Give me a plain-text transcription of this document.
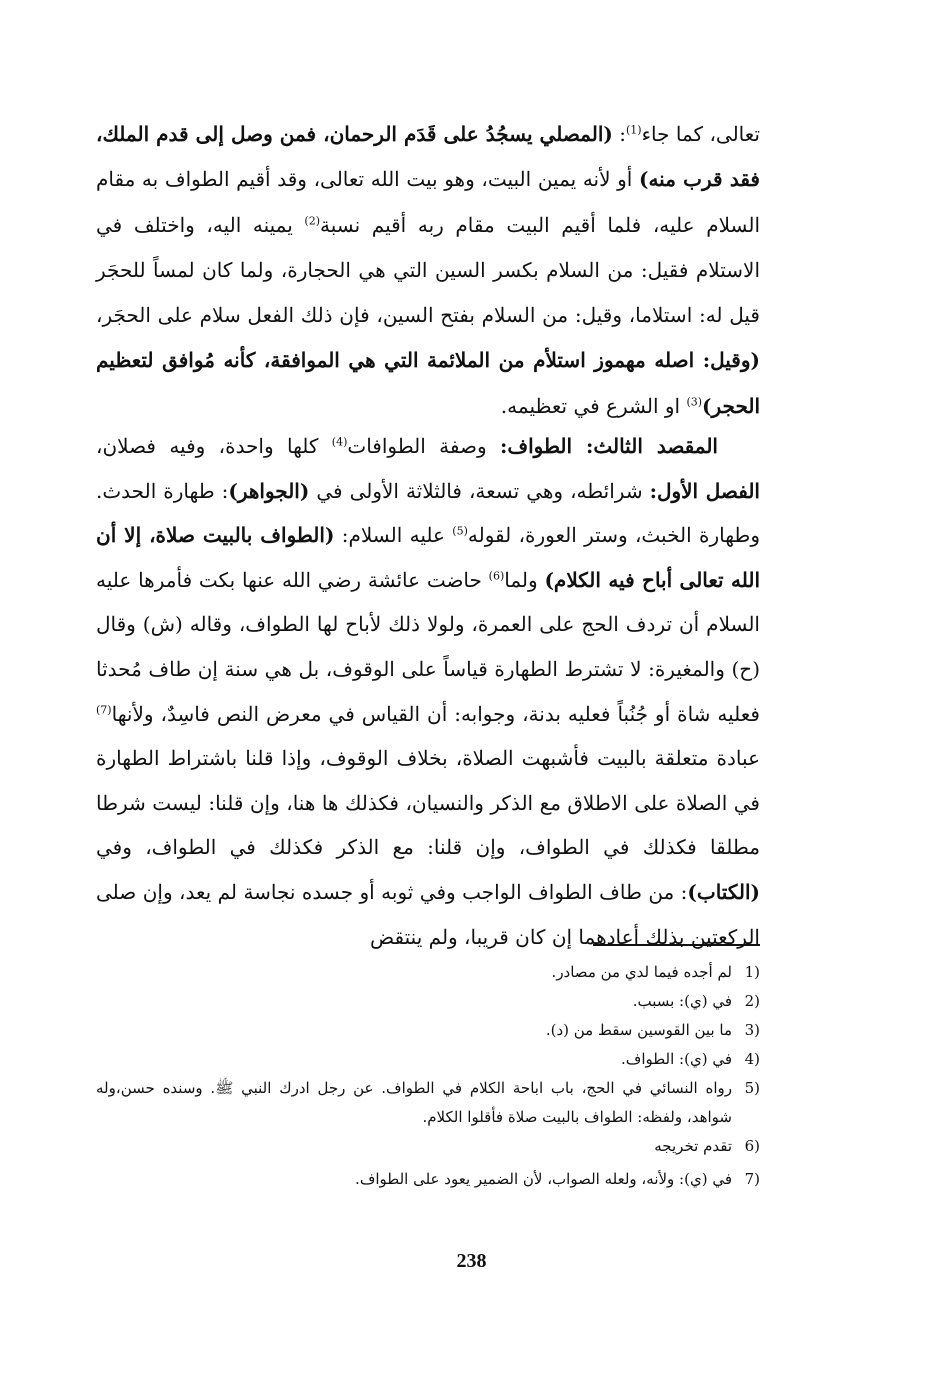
تعالى، كما جاء$^{(1)}$: (المصلي يسجُدُ على قَدَم الرحمان، فمن وصل إلى قدم الملك، فقد قرب منه) أو لأنه يمين البيت، وهو بيت الله تعالى، وقد أقيم الطواف به مقام السلام عليه، فلما أقيم البيت مقام ربه أقيم نسبة$^{(2)}$ يمينه اليه، واختلف في الاستلام فقيل: من السلام بكسر السين التي هي الحجارة، ولما كان لمساً للحجَر قيل له: استلاما، وقيل: من السلام بفتح السين، فإن ذلك الفعل سلام على الحجَر، (وقيل: اصله مهموز استلأم من الملائمة التي هي الموافقة، كأنه مُوافق لتعظيم الحجر)$^{(3)}$ او الشرع في تعظيمه.

المقصد الثالث: الطواف: وصفة الطوافات$^{(4)}$ كلها واحدة، وفيه فصلان، الفصل الأول: شرائطه، وهي تسعة، فالثلاثة الأولى في (الجواهر): طهارة الحدث. وطهارة الخبث، وستر العورة، لقوله$^{(5)}$ عليه السلام: (الطواف بالبيت صلاة، إلا أن الله تعالى أباح فيه الكلام) ولما$^{(6)}$ حاضت عائشة رضي الله عنها بكت فأمرها عليه السلام أن تردف الحج على العمرة، ولولا ذلك لأباح لها الطواف، وقاله (ش) وقال (ح) والمغيرة: لا تشترط الطهارة قياساً على الوقوف، بل هي سنة إن طاف مُحدثا فعليه شاة أو جُنُباً فعليه بدنة، وجوابه: أن القياس في معرض النص فاسِدٌ، ولأنها$^{(7)}$ عبادة متعلقة بالبيت فأشبهت الصلاة، بخلاف الوقوف، وإذا قلنا باشتراط الطهارة في الصلاة على الاطلاق مع الذكر والنسيان، فكذلك ها هنا، وإن قلنا: ليست شرطا مطلقا فكذلك في الطواف، وإن قلنا: مع الذكر فكذلك في الطواف، وفي (الكتاب): من طاف الطواف الواجب وفي ثوبه أو جسده نجاسة لم يعد، وإن صلى الركعتين بذلك أعادهما إن كان قريبا، ولم ينتقض

1)
لم أجده فيما لدي من مصادر.
2)
في (ي): بسبب.
3)
ما بين القوسين سقط من (د).
4)
في (ي): الطواف.
5)
رواه النسائي في الحج، باب اباحة الكلام في الطواف. عن رجل ادرك النبي ﷺ. وسنده حسن،وله شواهد، ولفظه: الطواف بالبيت صلاة فأقلوا الكلام.
6)
تقدم تخريجه
7)
في (ي): ولأنه، ولعله الصواب، لأن الضمير يعود على الطواف.
238
